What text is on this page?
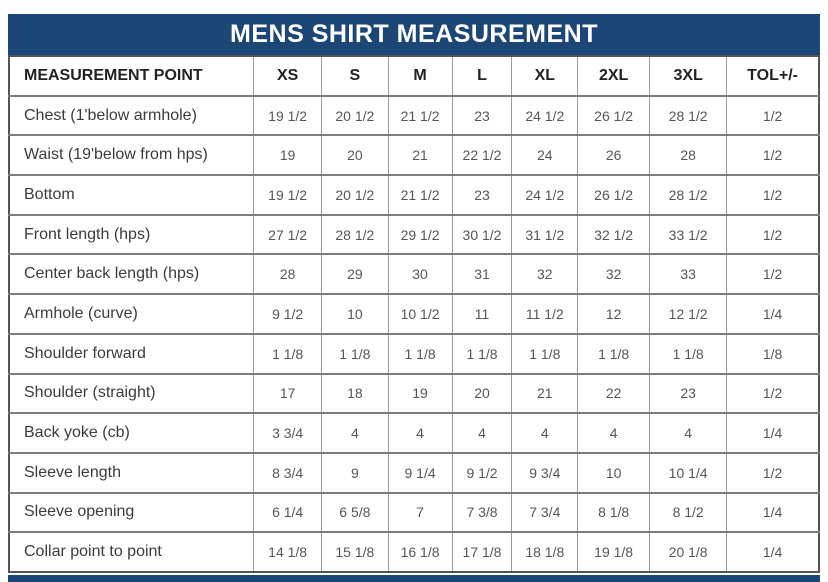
MENS SHIRT MEASUREMENT
MEASUREMENT POINT	XS	S	M	L	XL	2XL	3XL	TOL+/-
Chest (1'below armhole)	19 1/2	20 1/2	21 1/2	23	24 1/2	26 1/2	28 1/2	1/2
Waist (19'below from hps)	19	20	21	22 1/2	24	26	28	1/2
Bottom	19 1/2	20 1/2	21 1/2	23	24 1/2	26 1/2	28 1/2	1/2
Front length (hps)	27 1/2	28 1/2	29 1/2	30 1/2	31 1/2	32 1/2	33 1/2	1/2
Center back length (hps)	28	29	30	31	32	32	33	1/2
Armhole (curve)	9 1/2	10	10 1/2	11	11 1/2	12	12 1/2	1/4
Shoulder forward	1 1/8	1 1/8	1 1/8	1 1/8	1 1/8	1 1/8	1 1/8	1/8
Shoulder (straight)	17	18	19	20	21	22	23	1/2
Back yoke (cb)	3 3/4	4	4	4	4	4	4	1/4
Sleeve length	8 3/4	9	9 1/4	9 1/2	9 3/4	10	10 1/4	1/2
Sleeve opening	6 1/4	6 5/8	7	7 3/8	7 3/4	8 1/8	8 1/2	1/4
Collar point to point	14 1/8	15 1/8	16 1/8	17 1/8	18 1/8	19 1/8	20 1/8	1/4
